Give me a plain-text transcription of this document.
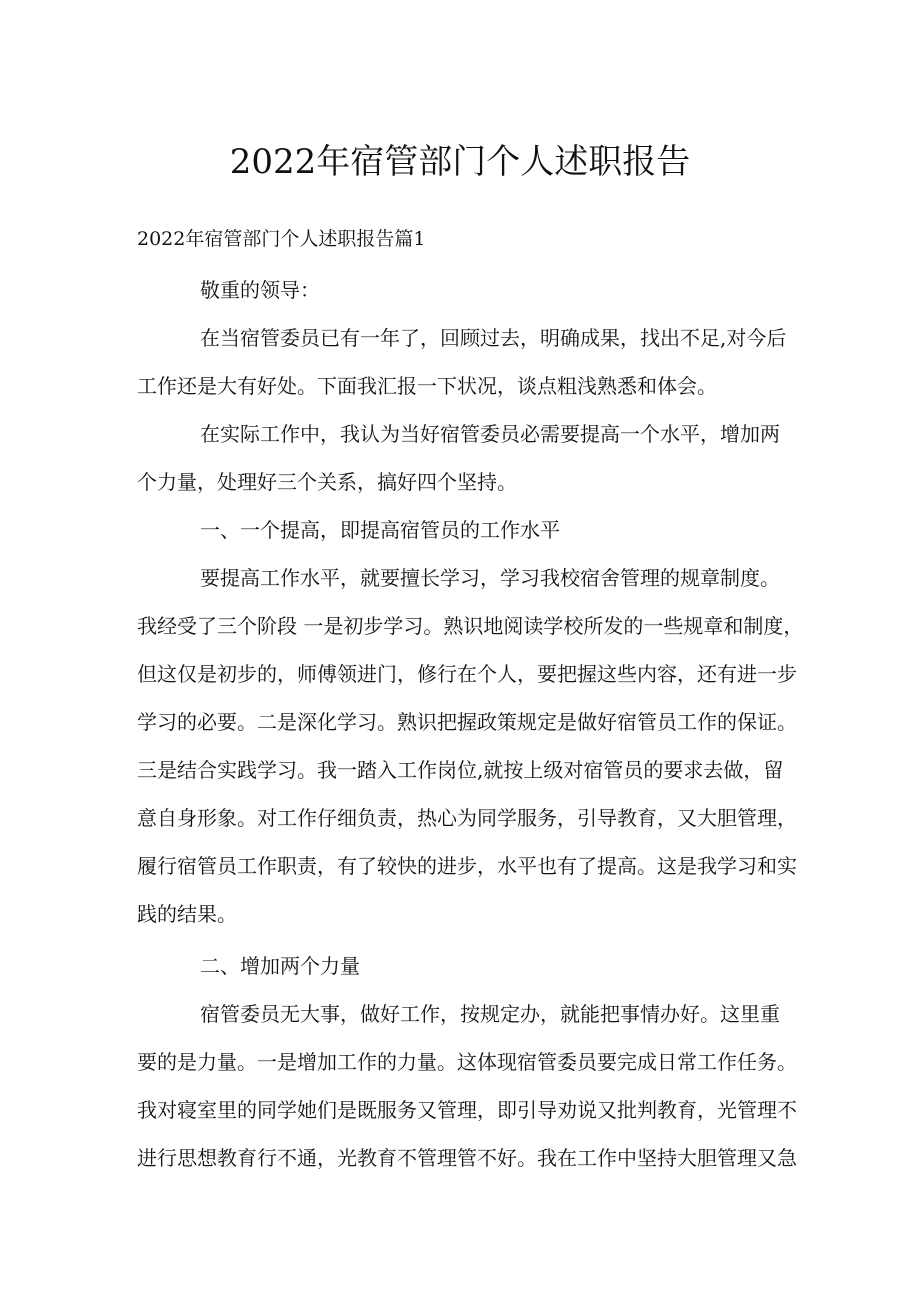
2022年宿管部门个人述职报告

2022年宿管部门个人述职报告篇1

敬重的领导：

在当宿管委员已有一年了，回顾过去，明确成果，找出不足,对今后

工作还是大有好处。下面我汇报一下状况，谈点粗浅熟悉和体会。

在实际工作中，我认为当好宿管委员必需要提高一个水平，增加两

个力量，处理好三个关系，搞好四个坚持。

一、一个提高，即提高宿管员的工作水平

要提高工作水平，就要擅长学习，学习我校宿舍管理的规章制度。

我经受了三个阶段 一是初步学习。熟识地阅读学校所发的一些规章和制度，

但这仅是初步的，师傅领进门，修行在个人，要把握这些内容，还有进一步

学习的必要。二是深化学习。熟识把握政策规定是做好宿管员工作的保证。

三是结合实践学习。我一踏入工作岗位,就按上级对宿管员的要求去做，留

意自身形象。对工作仔细负责，热心为同学服务，引导教育，又大胆管理，

履行宿管员工作职责，有了较快的进步，水平也有了提高。这是我学习和实

践的结果。

二、增加两个力量

宿管委员无大事，做好工作，按规定办，就能把事情办好。这里重

要的是力量。一是增加工作的力量。这体现宿管委员要完成日常工作任务。

我对寝室里的同学她们是既服务又管理，即引导劝说又批判教育，光管理不

进行思想教育行不通，光教育不管理管不好。我在工作中坚持大胆管理又急
